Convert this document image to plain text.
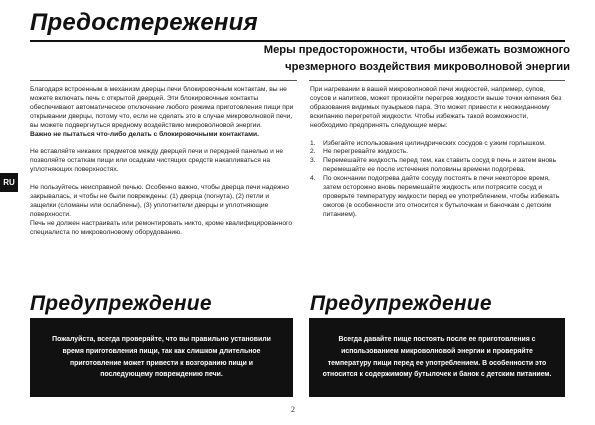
Предостережения
Меры предосторожности, чтобы избежать возможного
чрезмерного воздействия микроволновой энергии
RU

Благодаря встроенным в механизм дверцы печи блокировочным контактам, вы не можете включать печь с открытой дверцей. Эти блокировочные контакты обеспечивают автоматическое отключение любого режима приготовления пищи при открывании дверцы, потому что, если не сделать это в случае микроволновой печи, вы можете подвергнуться вредному воздействию микроволновой энергии.

Важно не пытаться что-либо делать с блокировочными контактами.

Не вставляйте никаких предметов между дверцей печи и передней панелью и не позволяйте остаткам пищи или осадкам чистящих средств накапливаться на уплотняющих поверхностях.

Не пользуйтесь неисправной печью. Особенно важно, чтобы дверца печи надежно закрывалась, и чтобы не были повреждены: (1) дверца (погнута), (2) петли и защелки (сломаны или ослаблены), (3) уплотнители дверцы и уплотняющие поверхности.

Печь не должен настраивать или ремонтировать никто, кроме квалифицированного специалиста по микроволновому оборудованию.

При нагревании в вашей микроволновой печи жидкостей, например, супов, соусов и напитков, может произойти перегрев жидкости выше точки кипения без образования видимых пузырьков пара. Это может привести к неожиданному вскипанию перегретой жидкости. Чтобы избежать такой возможности, необходимо предпринять следующие меры:

1.	Избегайте использования цилиндрических сосудов с узким горлышком.
2.	Не перегревайте жидкость.
3.	Перемешайте жидкость перед тем, как ставить сосуд в печь и затем вновь перемешайте ее после истечения половины времени подогрева.
4.	По окончании подогрева дайте сосуду постоять в печи некоторое время, затем осторожно вновь перемешайте жидкость или потрясите сосуд и проверьте температуру жидкости перед ее употреблением, чтобы избежать ожогов (в особенности это относится к бутылочкам и баночкам с детским питанием).
Предупреждение
Пожалуйста, всегда проверяйте, что вы правильно установили время приготовления пищи, так как слишком длительное приготовление может привести к возгоранию пищи и последующему повреждению печи.
Предупреждение
Всегда давайте пище постоять после ее приготовления с использованием микроволновой энергии и проверяйте температуру пищи перед ее употреблением. В особенности это относится к содержимому бутылочек и банок с детским питанием.
2
